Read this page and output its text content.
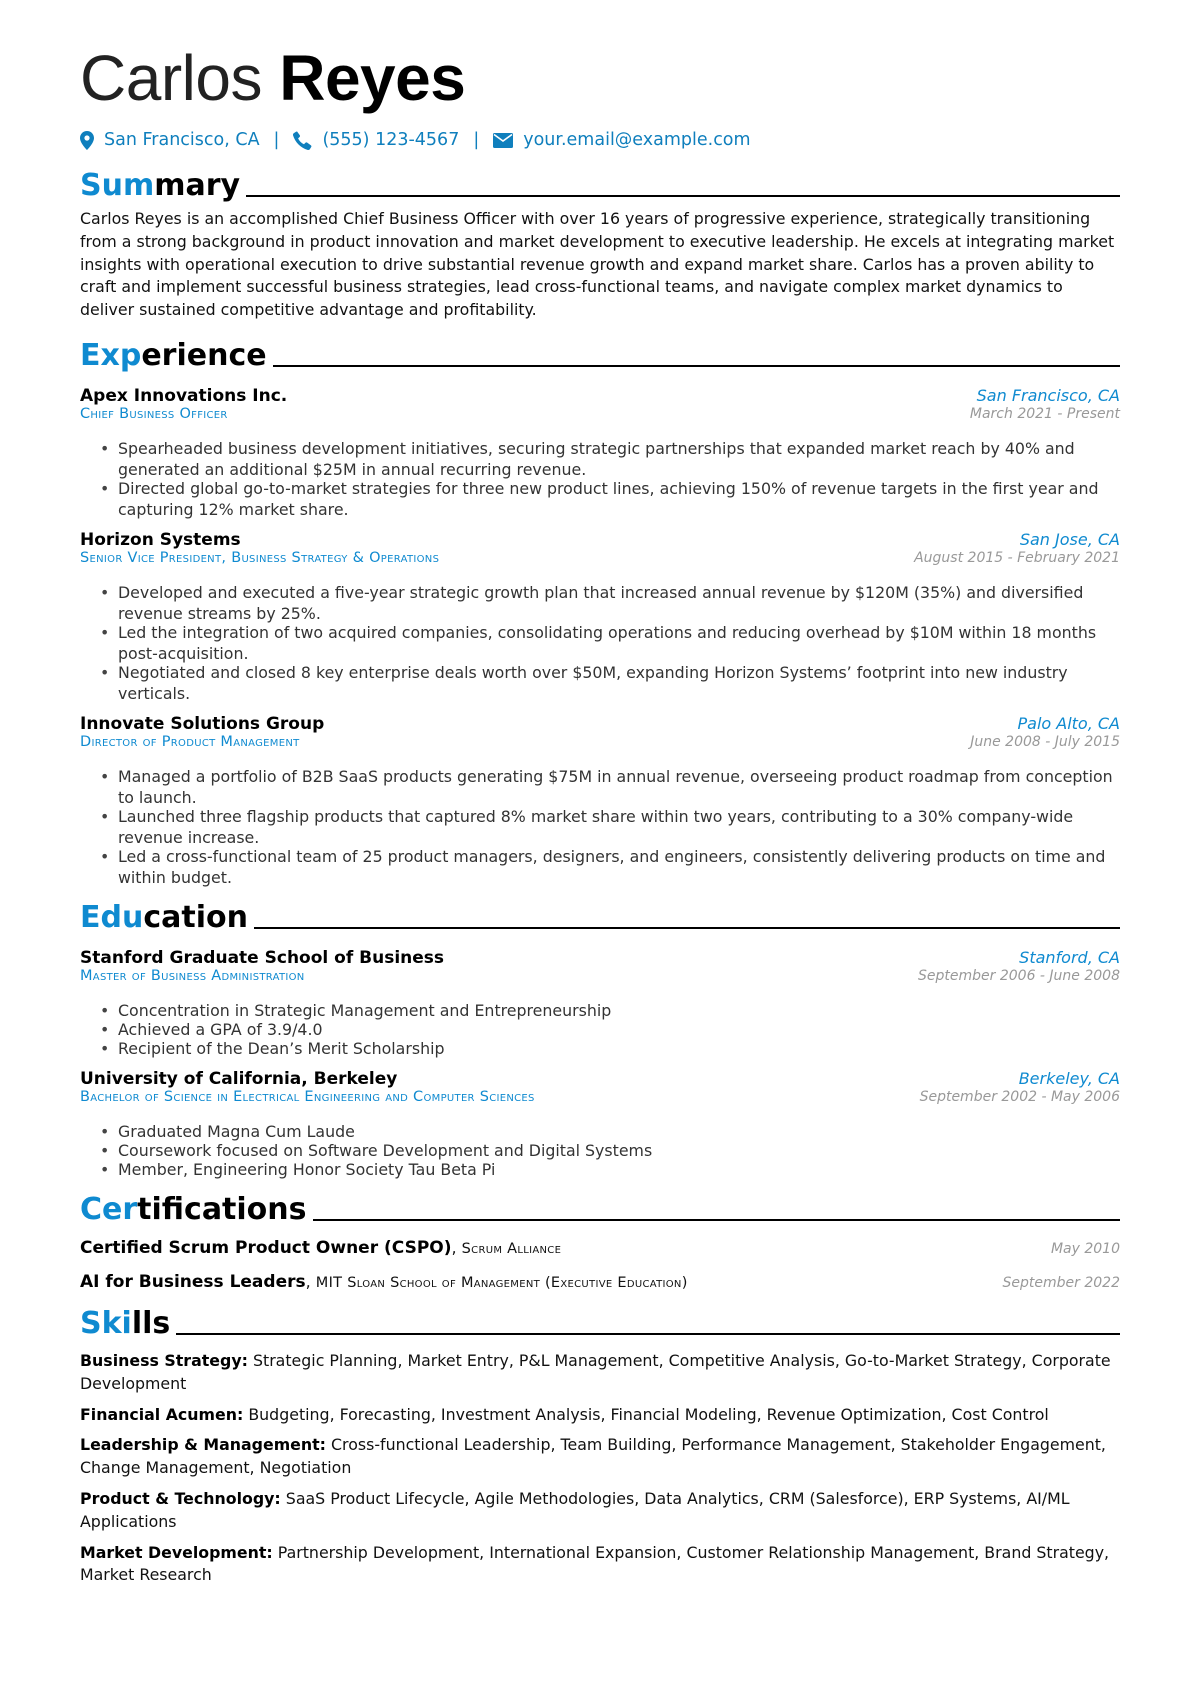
Carlos Reyes
San Francisco, CA | (555) 123-4567 |	your.email@example.com
Summary

Carlos Reyes is an accomplished Chief Business Officer with over 16 years of progressive experience, strategically transitioning from a strong background in product innovation and market development to executive leadership. He excels at integrating market insights with operational execution to drive substantial revenue growth and expand market share. Carlos has a proven ability to craft and implement successful business strategies, lead cross-functional teams, and navigate complex market dynamics to deliver sustained competitive advantage and profitability.

Experience
Apex Innovations Inc.	San Francisco, CA
Chief Business Officer	March 2021 - Present
• Spearheaded business development initiatives, securing strategic partnerships that expanded market reach by 40% and generated an additional $25M in annual recurring revenue.
• Directed global go-to-market strategies for three new product lines, achieving 150% of revenue targets in the first year and capturing 12% market share.
Horizon Systems	San Jose, CA
Senior Vice President, Business Strategy & Operations	August 2015 - February 2021
• Developed and executed a five-year strategic growth plan that increased annual revenue by $120M (35%) and diversified revenue streams by 25%.
• Led the integration of two acquired companies, consolidating operations and reducing overhead by $10M within 18 months post-acquisition.
• Negotiated and closed 8 key enterprise deals worth over $50M, expanding Horizon Systems’ footprint into new industry verticals.
Innovate Solutions Group	Palo Alto, CA
Director of Product Management	June 2008 - July 2015
• Managed a portfolio of B2B SaaS products generating $75M in annual revenue, overseeing product roadmap from conception to launch.
• Launched three flagship products that captured 8% market share within two years, contributing to a 30% company-wide revenue increase.
• Led a cross-functional team of 25 product managers, designers, and engineers, consistently delivering products on time and within budget.
Education
Stanford Graduate School of Business	Stanford, CA
Master of Business Administration	September 2006 - June 2008
• Concentration in Strategic Management and Entrepreneurship
• Achieved a GPA of 3.9/4.0
• Recipient of the Dean’s Merit Scholarship
University of California, Berkeley	Berkeley, CA
Bachelor of Science in Electrical Engineering and Computer Sciences	September 2002 - May 2006
• Graduated Magna Cum Laude
• Coursework focused on Software Development and Digital Systems
• Member, Engineering Honor Society Tau Beta Pi
Certifications
Certified Scrum Product Owner (CSPO), Scrum Alliance	May 2010
AI for Business Leaders, MIT Sloan School of Management (Executive Education)	September 2022
Skills
Business Strategy: Strategic Planning, Market Entry, P&L Management, Competitive Analysis, Go-to-Market Strategy, Corporate Development
Financial Acumen: Budgeting, Forecasting, Investment Analysis, Financial Modeling, Revenue Optimization, Cost Control
Leadership & Management: Cross-functional Leadership, Team Building, Performance Management, Stakeholder Engagement, Change Management, Negotiation
Product & Technology: SaaS Product Lifecycle, Agile Methodologies, Data Analytics, CRM (Salesforce), ERP Systems, AI/ML Applications
Market Development: Partnership Development, International Expansion, Customer Relationship Management, Brand Strategy, Market Research
